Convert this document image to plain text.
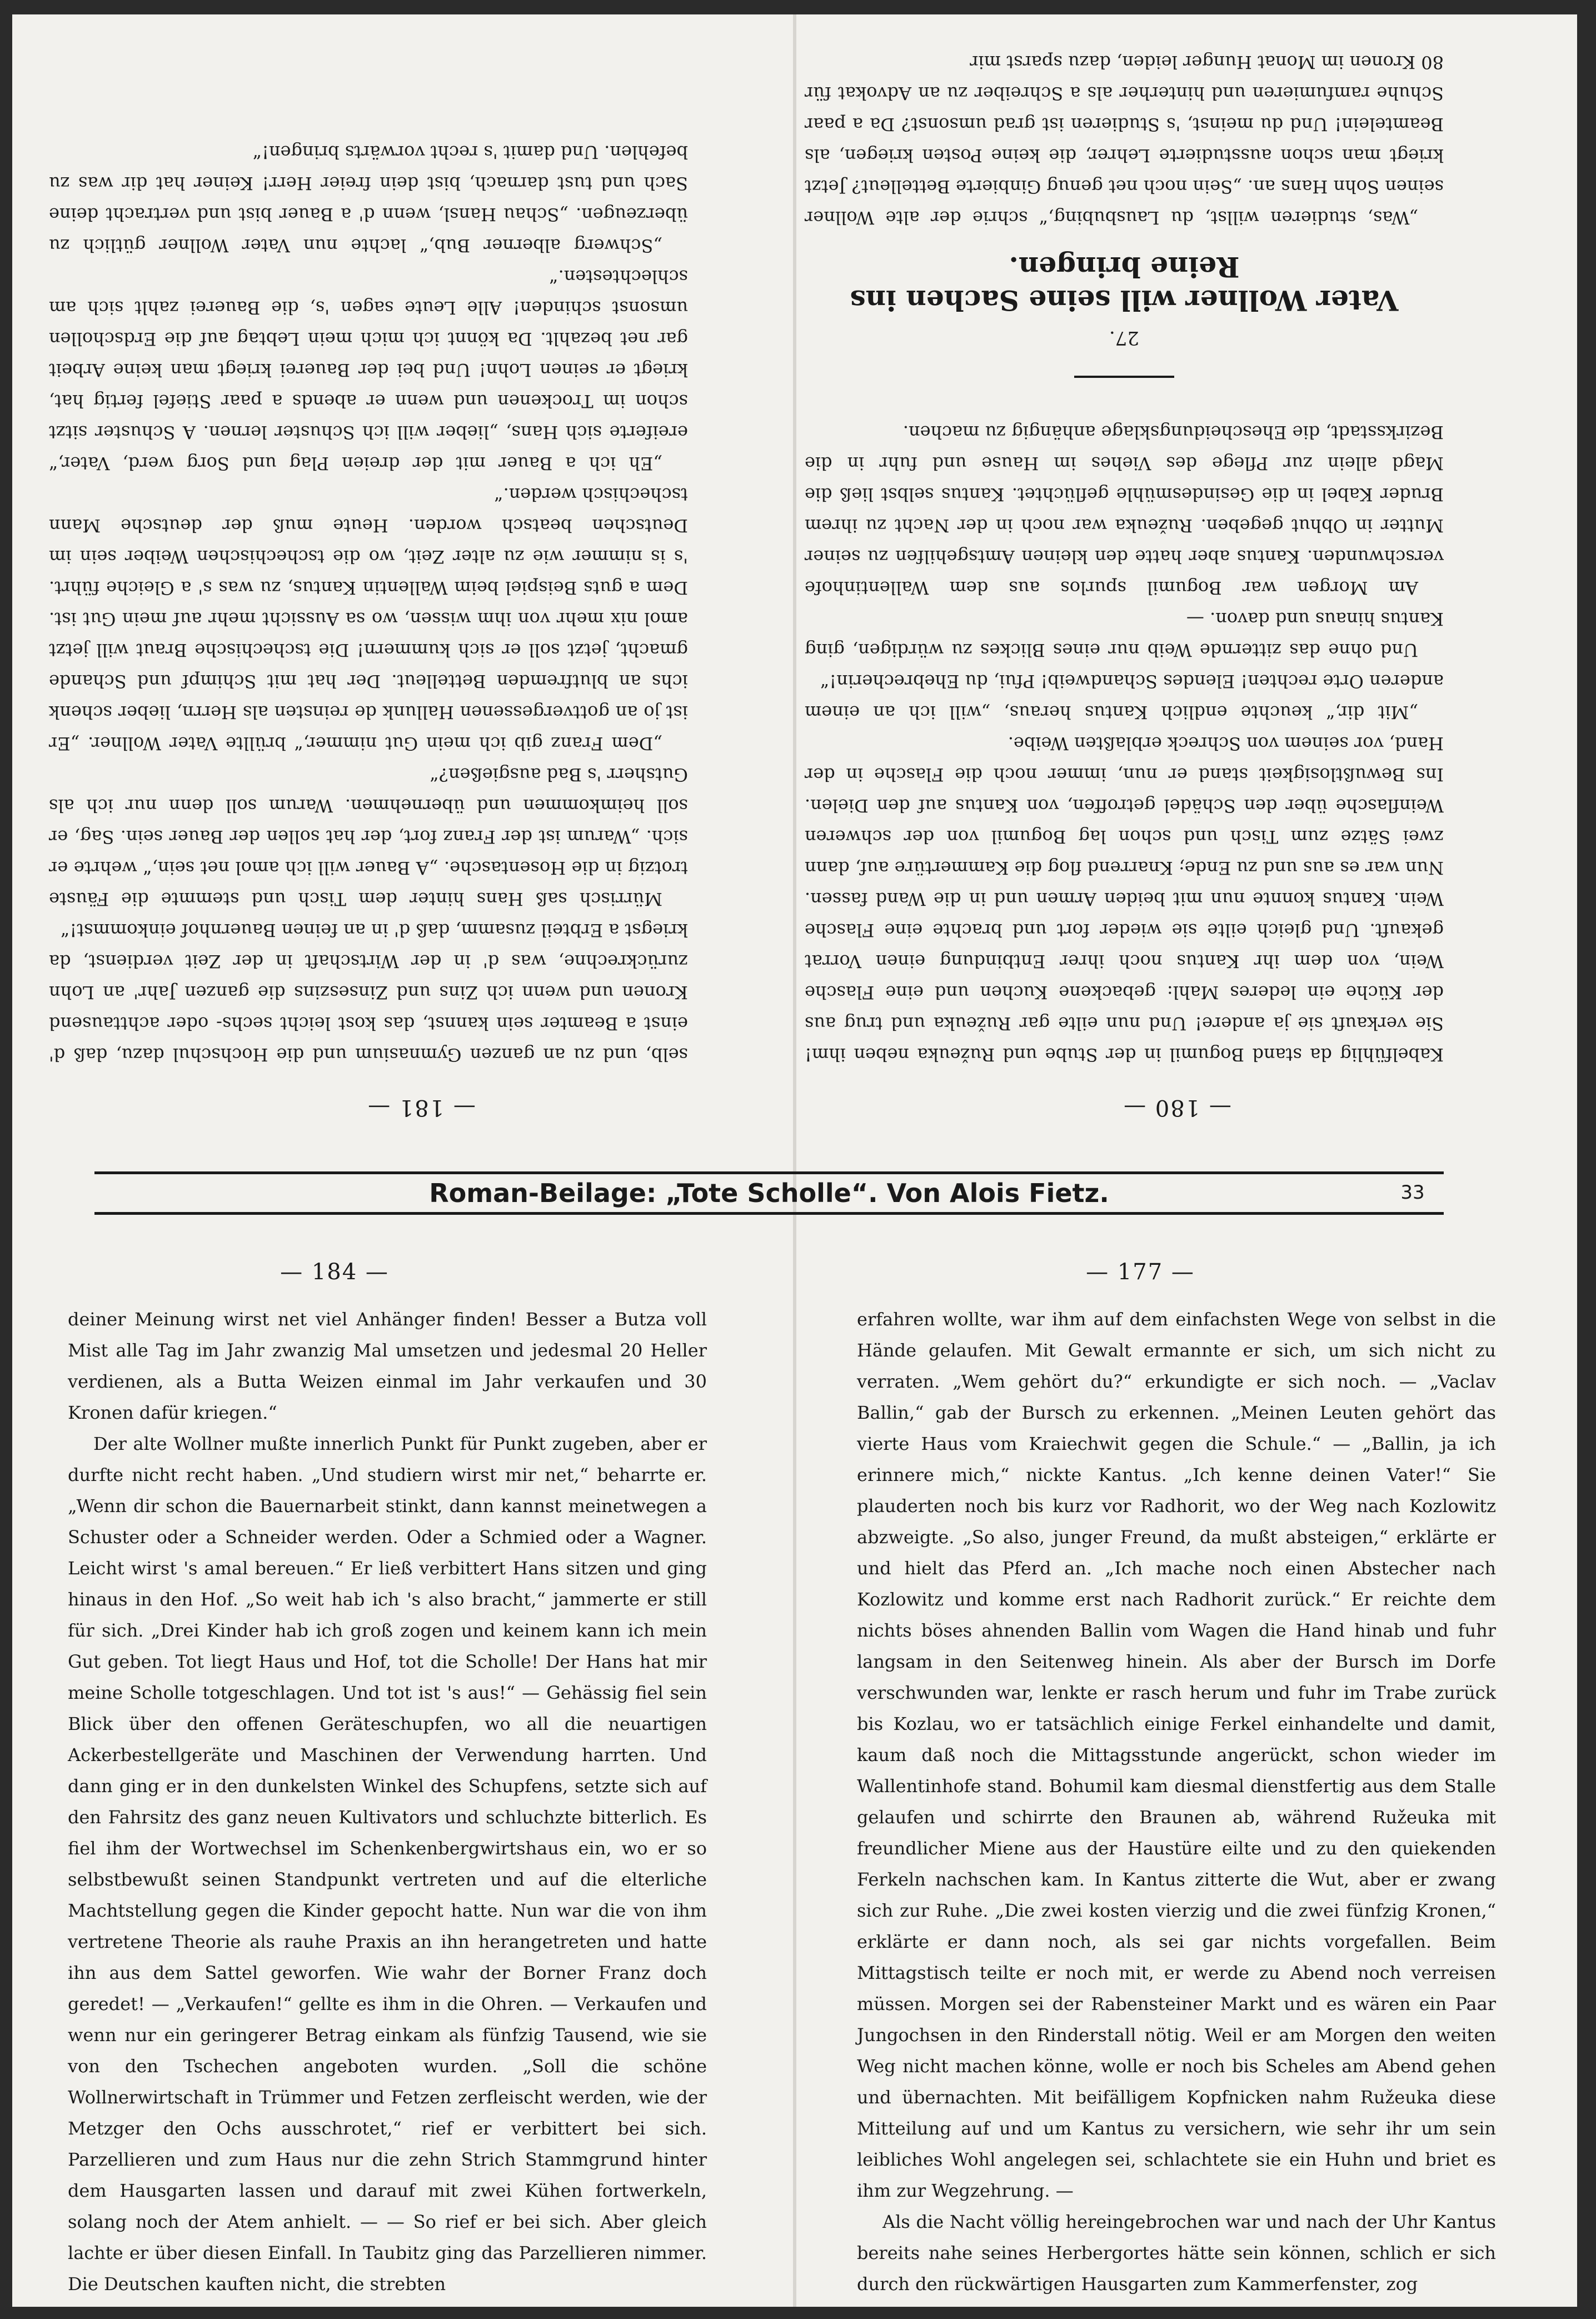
— 181 —

selb, und zu an ganzen Gymnasium und die Hochschul dazu, daß d' einst a Beamter sein kannst, das kost leicht sechs- oder achttausend Kronen und wenn ich Zins und Zinseszins die ganzen Jahr' an Lohn zurückrechne, was d' in der Wirtschaft in der Zeit verdienst, da kriegst a Erbteil zusamm, daß d' in an feinen Bauernhof einkommst!“

Mürrisch saß Hans hinter dem Tisch und stemmte die Fäuste trotzig in die Hosentasche. „A Bauer will ich amol net sein,“ wehrte er sich. „Warum ist der Franz fort, der hat sollen der Bauer sein. Sag, er soll heimkommen und übernehmen. Warum soll denn nur ich als Gutsherr 's Bad ausgießen?“

„Dem Franz gib ich mein Gut nimmer,“ brüllte Vater Wollner. „Er ist jo an gottvergessenen Hallunk de reinsten als Herrn, lieber schenk ichs an blutfremden Bettelleut. Der hat mit Schimpf und Schande gmacht, jetzt soll er sich kummern! Die tschechische Braut will jetzt amol nix mehr von ihm wissen, wo sa Aussicht mehr auf mein Gut ist. Dem a guts Beispiel beim Wallentin Kantus, zu was s' a Gleiche führt. 's is nimmer wie zu alter Zeit, wo die tschechischen Weiber sein im Deutschen beatsch worden. Heute muß der deutsche Mann tschechisch werden.“

„Eh ich a Bauer mit der dreien Plag und Sorg werd, Vater,“ ereiferte sich Hans, „lieber will ich Schuster lernen. A Schuster sitzt schon im Trockenen und wenn er abends a paar Stiefel fertig hat, kriegt er seinen Lohn! Und bei der Bauerei kriegt man keine Arbeit gar net bezahlt. Da könnt ich mich mein Lebtag auf die Erdschollen umsonst schinden! Alle Leute sagen 's, die Bauerei zahlt sich am schlechtesten.“

„Schwerg alberner Bub,“ lachte nun Vater Wollner gütlich zu überzeugen. „Schau Hansl, wenn d' a Bauer bist und vertracht deine Sach und tust darnach, bist dein freier Herr! Keiner hat dir was zu befehlen. Und damit 's recht vorwärts bringen!“

— 180 —

Kabelfühlig da stand Bogumil in der Stube und Ružeuka neben ihm! Sie verkauft sie ja andere! Und nun eilte gar Ružeuka und trug aus der Küche ein lederes Mahl: gebackene Kuchen und eine Flasche Wein, von dem ihr Kantus noch ihrer Entbindung einen Vorrat gekauft. Und gleich eilte sie wieder fort und brachte eine Flasche Wein. Kantus konnte nun mit beiden Armen und in die Wand fassen. Nun war es aus und zu Ende; Knarrend flog die Kammertüre auf, dann zwei Sätze zum Tisch und schon lag Bogumil von der schweren Weinflasche über den Schädel getroffen, von Kantus auf den Dielen. Ins Bewußtlosigkeit stand er nun, immer noch die Flasche in der Hand, vor seinem von Schreck erblaßten Weibe.

„Mit dir,“ keuchte endlich Kantus heraus, „will ich an einem anderen Orte rechten! Elendes Schandweib! Pfui, du Ehebrecherin!“

Und ohne das zitternde Weib nur eines Blickes zu würdigen, ging Kantus hinaus und davon. —

Am Morgen war Bogumil spurlos aus dem Wallentinhofe verschwunden. Kantus aber hatte den kleinen Amtsgehilfen zu seiner Mutter in Obhut gegeben. Ružeuka war noch in der Nacht zu ihrem Bruder Kabel in die Gesindesmühle geflüchtet. Kantus selbst ließ die Magd allein zur Pflege des Viehes im Hause und fuhr in die Bezirksstadt, die Ehescheidungsklage anhängig zu machen.

27.
Vater Wollner will seine Sachen ins Reine bringen.

„Was, studieren willst, du Lausbubing,“ schrie der alte Wollner seinen Sohn Hans an. „Sein noch net genug Ginbierte Bettelleut? Jetzt kriegt man schon ausstudierte Lehrer, die keine Posten kriegen, als Beamtelein! Und du meinst, 's Studieren ist grad umsonst? Da a paar Schuhe ramfumieren und hinterher als a Schreiber zu an Advokat für 80 Kronen im Monat Hunger leiden, dazu sparst mir

Roman-Beilage: „Tote Scholle“. Von Alois Fietz.	33
— 184 —

deiner Meinung wirst net viel Anhänger finden! Besser a Butza voll Mist alle Tag im Jahr zwanzig Mal umsetzen und jedesmal 20 Heller verdienen, als a Butta Weizen einmal im Jahr verkaufen und 30 Kronen dafür kriegen.“

Der alte Wollner mußte innerlich Punkt für Punkt zugeben, aber er durfte nicht recht haben. „Und studiern wirst mir net,“ beharrte er. „Wenn dir schon die Bauernarbeit stinkt, dann kannst meinetwegen a Schuster oder a Schneider werden. Oder a Schmied oder a Wagner. Leicht wirst 's amal bereuen.“ Er ließ verbittert Hans sitzen und ging hinaus in den Hof. „So weit hab ich 's also bracht,“ jammerte er still für sich. „Drei Kinder hab ich groß zogen und keinem kann ich mein Gut geben. Tot liegt Haus und Hof, tot die Scholle! Der Hans hat mir meine Scholle totgeschlagen. Und tot ist 's aus!“ — Gehässig fiel sein Blick über den offenen Geräteschupfen, wo all die neuartigen Ackerbestellgeräte und Maschinen der Verwendung harrten. Und dann ging er in den dunkelsten Winkel des Schupfens, setzte sich auf den Fahrsitz des ganz neuen Kultivators und schluchzte bitterlich. Es fiel ihm der Wortwechsel im Schenkenbergwirtshaus ein, wo er so selbstbewußt seinen Standpunkt vertreten und auf die elterliche Machtstellung gegen die Kinder gepocht hatte. Nun war die von ihm vertretene Theorie als rauhe Praxis an ihn herangetreten und hatte ihn aus dem Sattel geworfen. Wie wahr der Borner Franz doch geredet! — „Verkaufen!“ gellte es ihm in die Ohren. — Verkaufen und wenn nur ein geringerer Betrag einkam als fünfzig Tausend, wie sie von den Tschechen angeboten wurden. „Soll die schöne Wollnerwirtschaft in Trümmer und Fetzen zerfleischt werden, wie der Metzger den Ochs ausschrotet,“ rief er verbittert bei sich. Parzellieren und zum Haus nur die zehn Strich Stammgrund hinter dem Hausgarten lassen und darauf mit zwei Kühen fortwerkeln, solang noch der Atem anhielt. — — So rief er bei sich. Aber gleich lachte er über diesen Einfall. In Taubitz ging das Parzellieren nimmer. Die Deutschen kauften nicht, die strebten

— 177 —

erfahren wollte, war ihm auf dem einfachsten Wege von selbst in die Hände gelaufen. Mit Gewalt ermannte er sich, um sich nicht zu verraten. „Wem gehört du?“ erkundigte er sich noch. — „Vaclav Ballin,“ gab der Bursch zu erkennen. „Meinen Leuten gehört das vierte Haus vom Kraiechwit gegen die Schule.“ — „Ballin, ja ich erinnere mich,“ nickte Kantus. „Ich kenne deinen Vater!“ Sie plauderten noch bis kurz vor Radhorit, wo der Weg nach Kozlowitz abzweigte. „So also, junger Freund, da mußt absteigen,“ erklärte er und hielt das Pferd an. „Ich mache noch einen Abstecher nach Kozlowitz und komme erst nach Radhorit zurück.“ Er reichte dem nichts böses ahnenden Ballin vom Wagen die Hand hinab und fuhr langsam in den Seitenweg hinein. Als aber der Bursch im Dorfe verschwunden war, lenkte er rasch herum und fuhr im Trabe zurück bis Kozlau, wo er tatsächlich einige Ferkel einhandelte und damit, kaum daß noch die Mittagsstunde angerückt, schon wieder im Wallentinhofe stand. Bohumil kam diesmal dienstfertig aus dem Stalle gelaufen und schirrte den Braunen ab, während Ružeuka mit freundlicher Miene aus der Haustüre eilte und zu den quiekenden Ferkeln nachschen kam. In Kantus zitterte die Wut, aber er zwang sich zur Ruhe. „Die zwei kosten vierzig und die zwei fünfzig Kronen,“ erklärte er dann noch, als sei gar nichts vorgefallen. Beim Mittagstisch teilte er noch mit, er werde zu Abend noch verreisen müssen. Morgen sei der Rabensteiner Markt und es wären ein Paar Jungochsen in den Rinderstall nötig. Weil er am Morgen den weiten Weg nicht machen könne, wolle er noch bis Scheles am Abend gehen und übernachten. Mit beifälligem Kopfnicken nahm Ružeuka diese Mitteilung auf und um Kantus zu versichern, wie sehr ihr um sein leibliches Wohl angelegen sei, schlachtete sie ein Huhn und briet es ihm zur Wegzehrung. —

Als die Nacht völlig hereingebrochen war und nach der Uhr Kantus bereits nahe seines Herbergortes hätte sein können, schlich er sich durch den rückwärtigen Hausgarten zum Kammerfenster, zog
